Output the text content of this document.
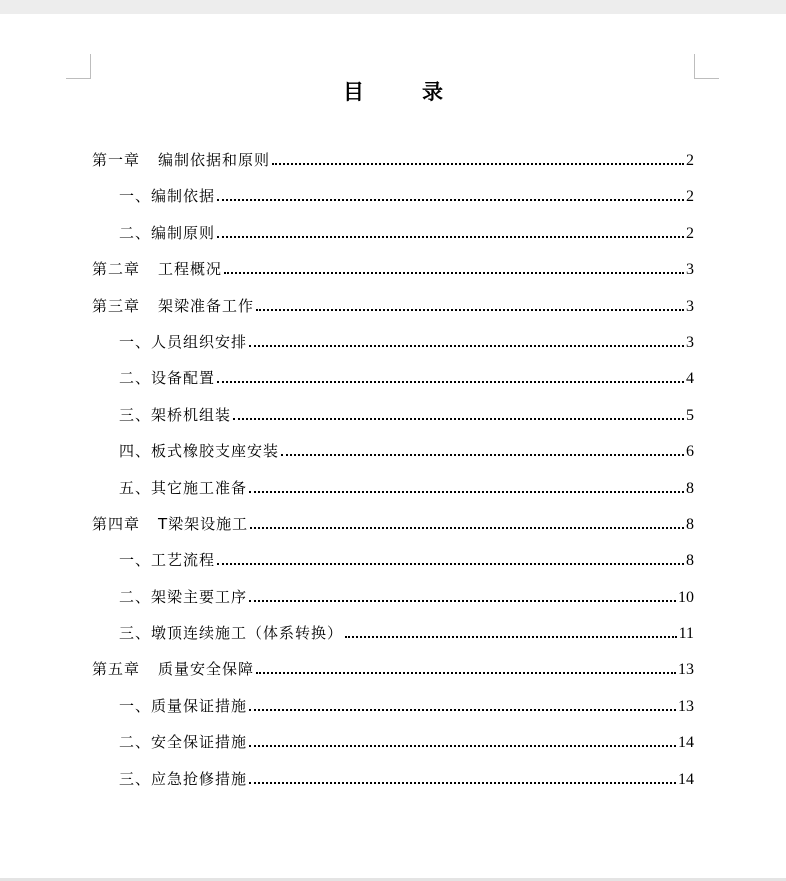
目录
第一章 编制依据和原则	2
一、 编制依据	2
二、 编制原则	2
第二章 工程概况	3
第三章 架梁准备工作	3
一、 人员组织安排	3
二、 设备配置	4
三、 架桥机组装	5
四、 板式橡胶支座安装	6
五、 其它施工准备	8
第四章 T梁架设施工	8
一、 工艺流程	8
二、 架梁主要工序	10
三、 墩顶连续施工（体系转换）	11
第五章 质量安全保障	13
一、 质量保证措施	13
二、 安全保证措施	14
三、 应急抢修措施	14
